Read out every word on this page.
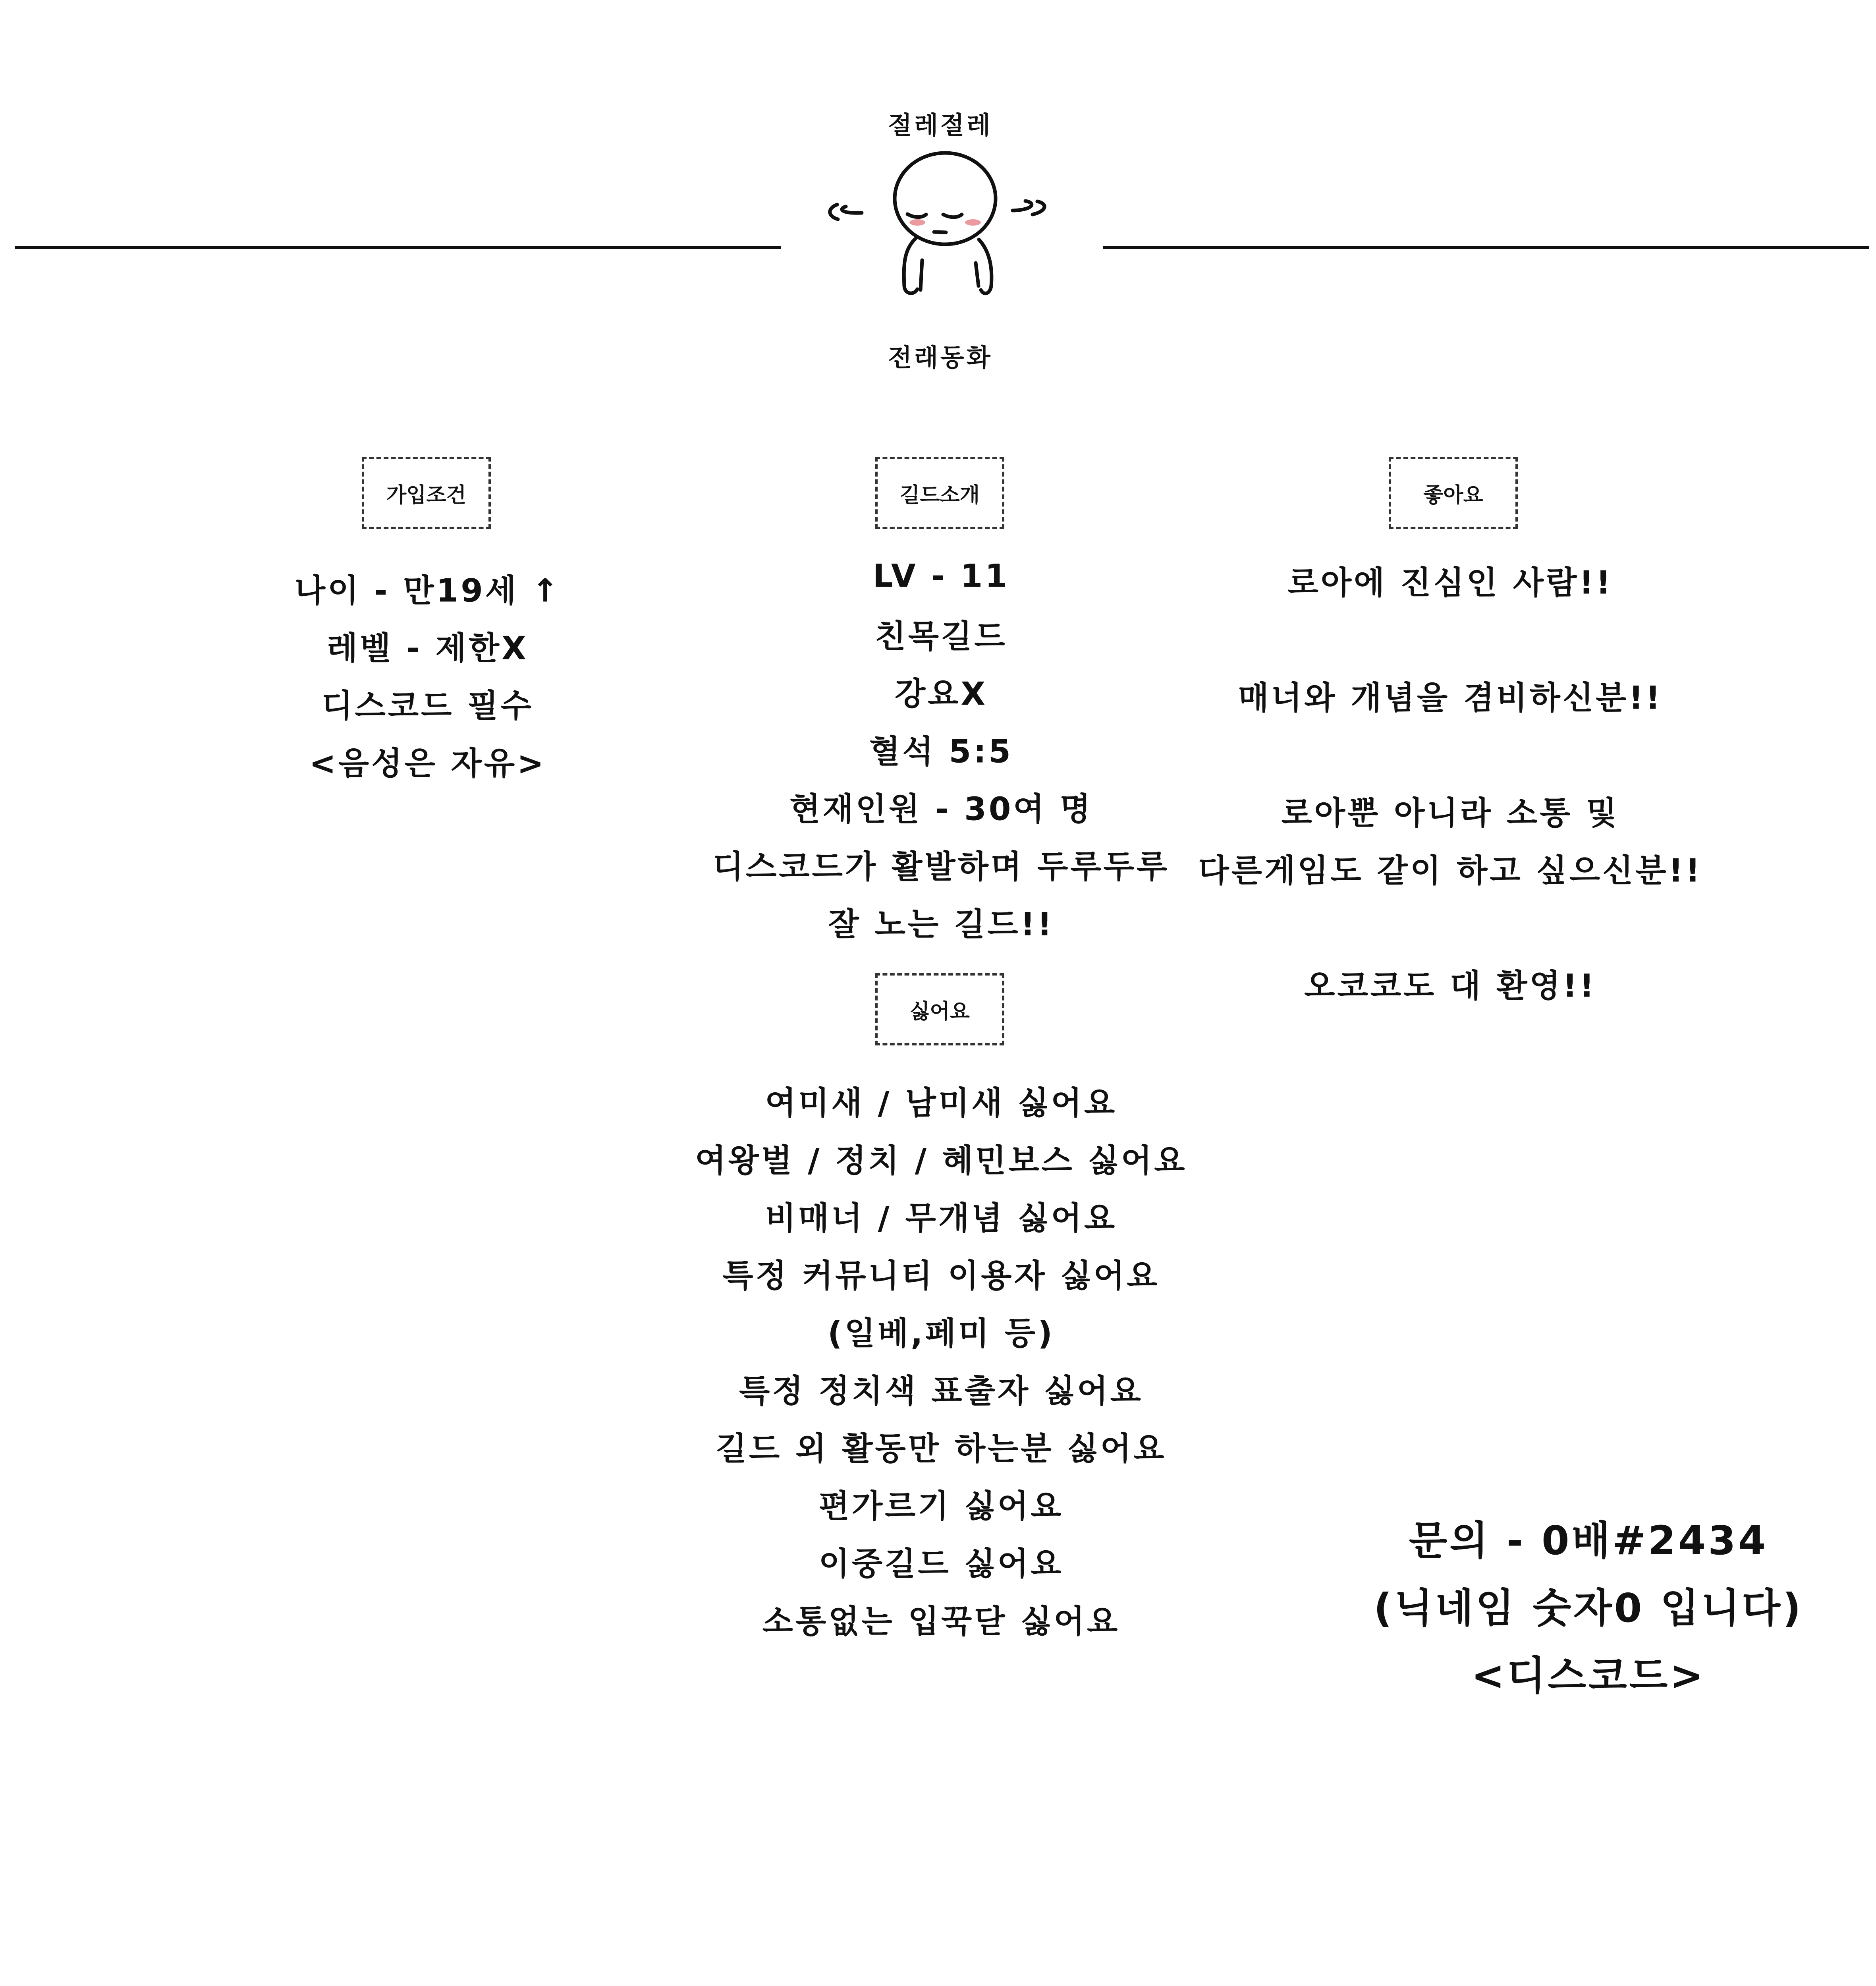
절레절레
전래동화
가입조건
나이 - 만19세 ↑
레벨 - 제한X
디스코드 필수
<음성은 자유>
길드소개
LV - 11
친목길드
강요X
혈석 5:5
현재인원 - 30여 명
디스코드가 활발하며 두루두루
잘 노는 길드!!
좋아요
로아에 진심인 사람!!
매너와 개념을 겸비하신분!!
로아뿐 아니라 소통 및
다른게임도 같이 하고 싶으신분!!
오코코도 대 환영!!
싫어요
여미새 / 남미새 싫어요
여왕벌 / 정치 / 혜민보스 싫어요
비매너 / 무개념 싫어요
특정 커뮤니티 이용자 싫어요
(일베,페미 등)
특정 정치색 표출자 싫어요
길드 외 활동만 하는분 싫어요
편가르기 싫어요
이중길드 싫어요
소통없는 입꾹닫 싫어요
문의 - 0배#2434
(닉네임 숫자0 입니다)
<디스코드>
